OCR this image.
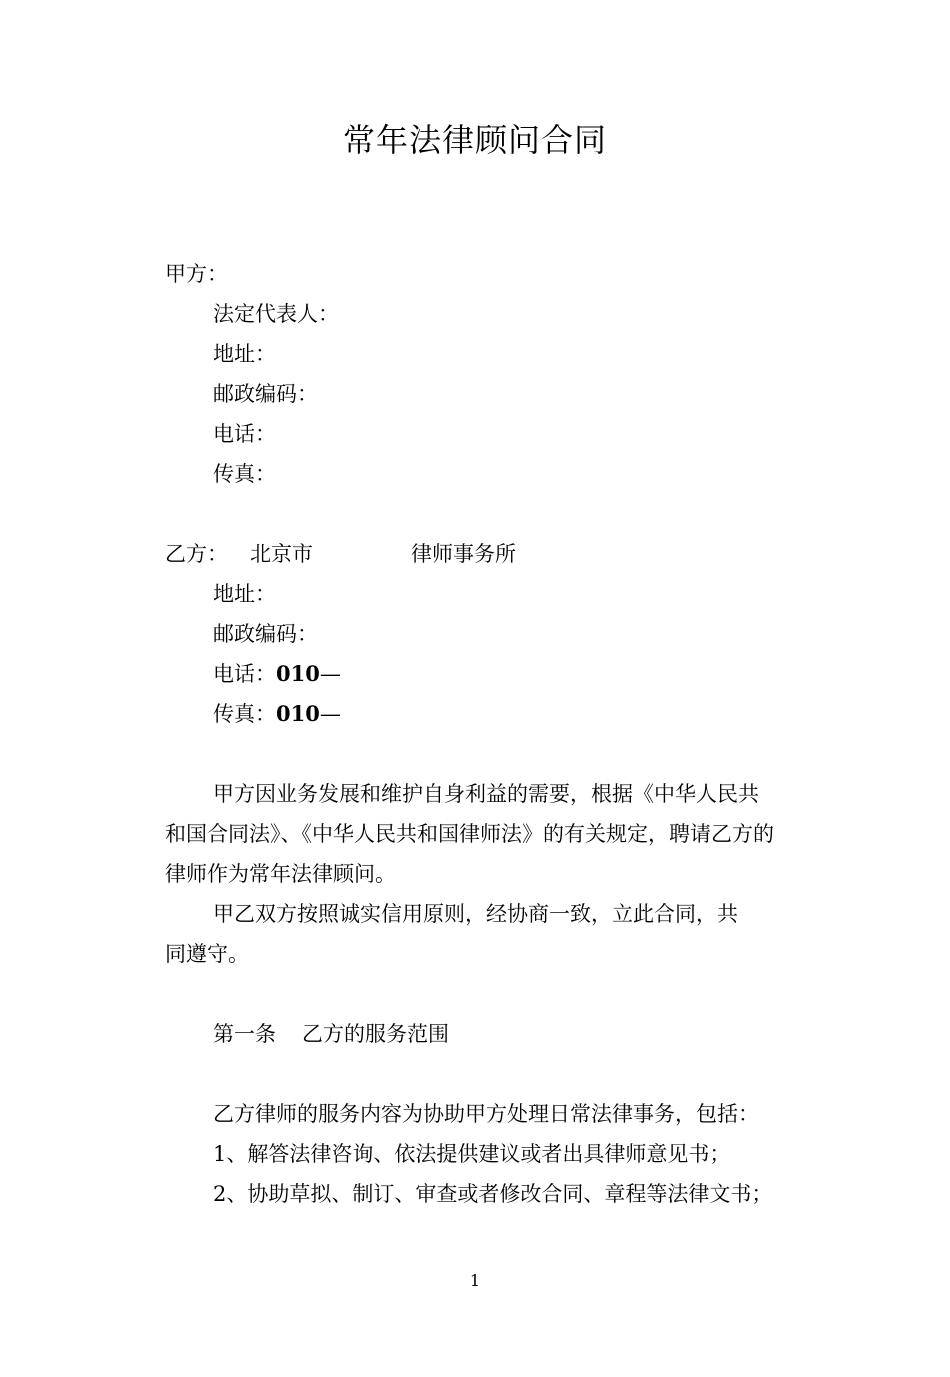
常年法律顾问合同
甲方：
法定代表人：
地址：
邮政编码：
电话：
传真：
乙方： 北京市	律师事务所
地址：
邮政编码：
电话：010—
传真：010—
甲方因业务发展和维护自身利益的需要，根据《中华人民共
和国合同法》、《中华人民共和国律师法》的有关规定，聘请乙方的
律师作为常年法律顾问。
甲乙双方按照诚实信用原则，经协商一致，立此合同，共
同遵守。
第一条 乙方的服务范围
乙方律师的服务内容为协助甲方处理日常法律事务，包括：
1、解答法律咨询、依法提供建议或者出具律师意见书；
2、协助草拟、制订、审查或者修改合同、章程等法律文书；
1
